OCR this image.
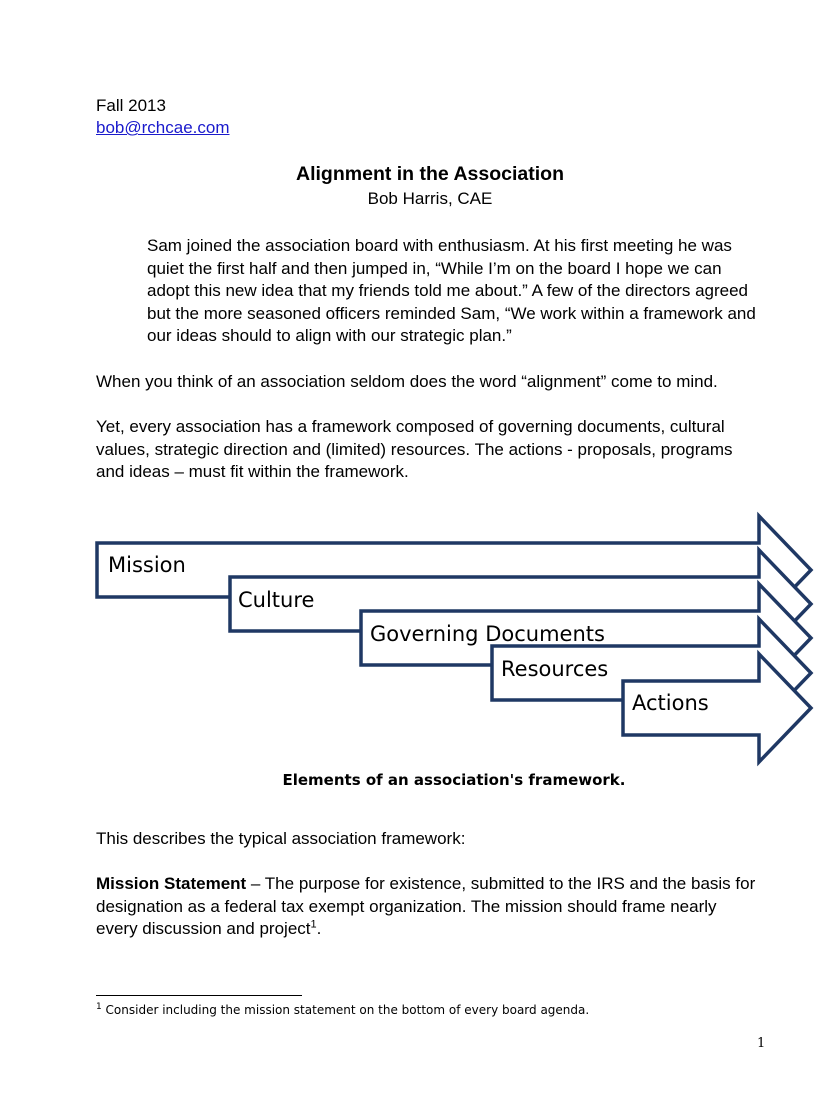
Fall 2013
bob@rchcae.com
Alignment in the Association
Bob Harris, CAE
Sam joined the association board with enthusiasm. At his first meeting he was
quiet the first half and then jumped in, “While I’m on the board I hope we can
adopt this new idea that my friends told me about.” A few of the directors agreed
but the more seasoned officers reminded Sam, “We work within a framework and
our ideas should to align with our strategic plan.”
When you think of an association seldom does the word “alignment” come to mind.
Yet, every association has a framework composed of governing documents, cultural
values, strategic direction and (limited) resources. The actions - proposals, programs
and ideas – must fit within the framework.
Mission
Culture
Governing Documents
Resources
Actions
Elements of an association's framework.
This describes the typical association framework:
Mission Statement – The purpose for existence, submitted to the IRS and the basis for
designation as a federal tax exempt organization. The mission should frame nearly
every discussion and project$^1$.
$^1$ Consider including the mission statement on the bottom of every board agenda.
1
